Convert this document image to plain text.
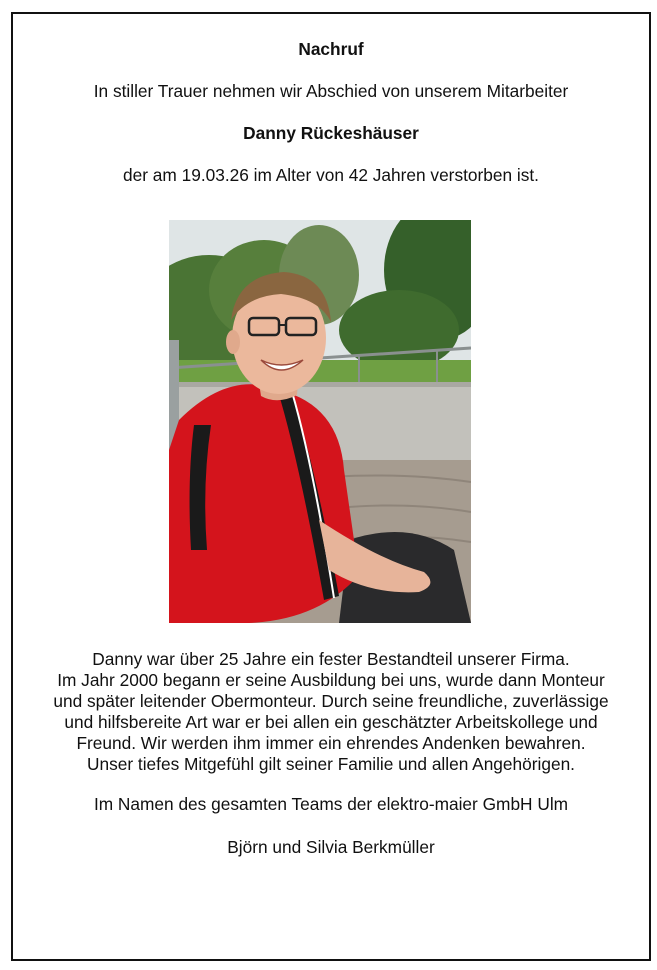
Nachruf
In stiller Trauer nehmen wir Abschied von unserem Mitarbeiter
Danny Rückeshäuser
der am 19.03.26 im Alter von 42 Jahren verstorben ist.
Danny war über 25 Jahre ein fester Bestandteil unserer Firma.
Im Jahr 2000 begann er seine Ausbildung bei uns, wurde dann Monteur
und später leitender Obermonteur. Durch seine freundliche, zuverlässige
und hilfsbereite Art war er bei allen ein geschätzter Arbeitskollege und
Freund. Wir werden ihm immer ein ehrendes Andenken bewahren.
Unser tiefes Mitgefühl gilt seiner Familie und allen Angehörigen.
Im Namen des gesamten Teams der elektro-maier GmbH Ulm
Björn und Silvia Berkmüller
